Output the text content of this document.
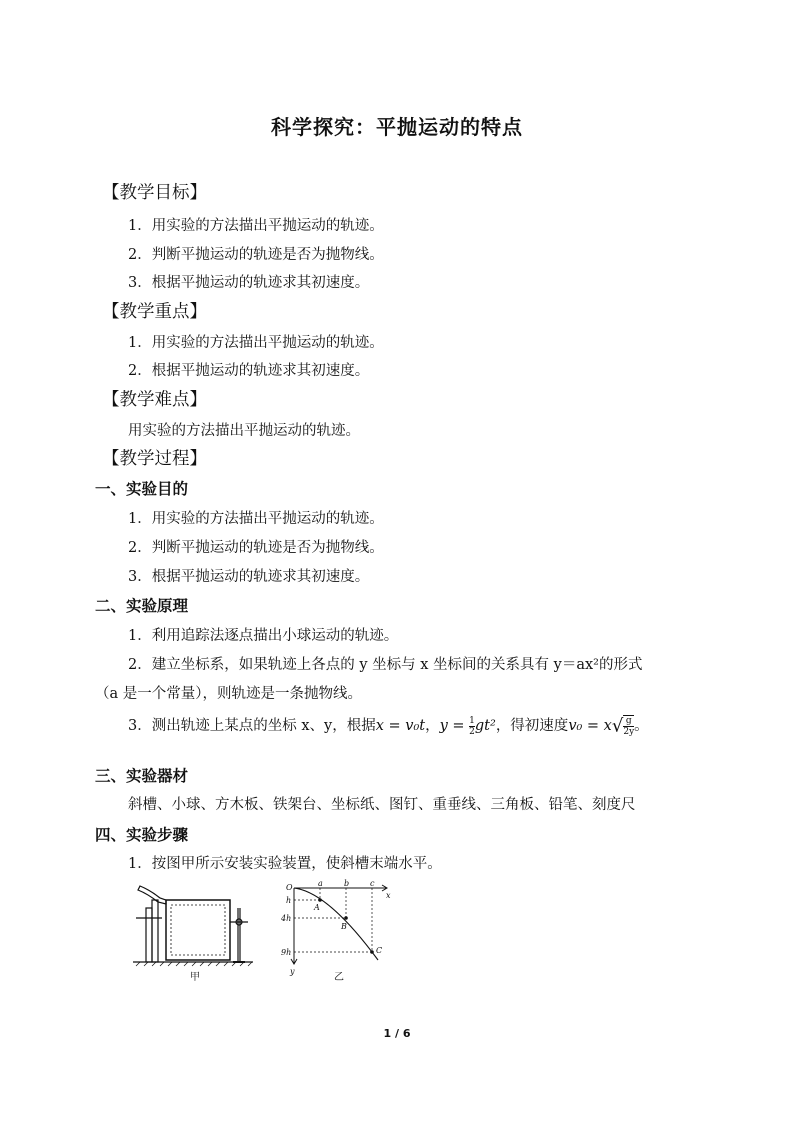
科学探究：平抛运动的特点
【教学目标】
1．用实验的方法描出平抛运动的轨迹。
2．判断平抛运动的轨迹是否为抛物线。
3．根据平抛运动的轨迹求其初速度。
【教学重点】
1．用实验的方法描出平抛运动的轨迹。
2．根据平抛运动的轨迹求其初速度。
【教学难点】
用实验的方法描出平抛运动的轨迹。
【教学过程】
一、实验目的
1．用实验的方法描出平抛运动的轨迹。
2．判断平抛运动的轨迹是否为抛物线。
3．根据平抛运动的轨迹求其初速度。
二、实验原理
1．利用追踪法逐点描出小球运动的轨迹。
2．建立坐标系，如果轨迹上各点的 y 坐标与 x 坐标间的关系具有 y＝ax²的形式
（a 是一个常量），则轨迹是一条抛物线。
3．测出轨迹上某点的坐标 x、y，根据x = v₀t，$y = \frac{1}{2} gt^2$，得初速度$v_0 = x√ \frac{g}{2y}$ 。
三、实验器材
斜槽、小球、方木板、铁架台、坐标纸、图钉、重垂线、三角板、铅笔、刻度尺
四、实验步骤
1．按图甲所示安装实验装置，使斜槽末端水平。
甲
O
x
y
a	b	c
h
4h
9h
A
B
C
乙
1 / 6
